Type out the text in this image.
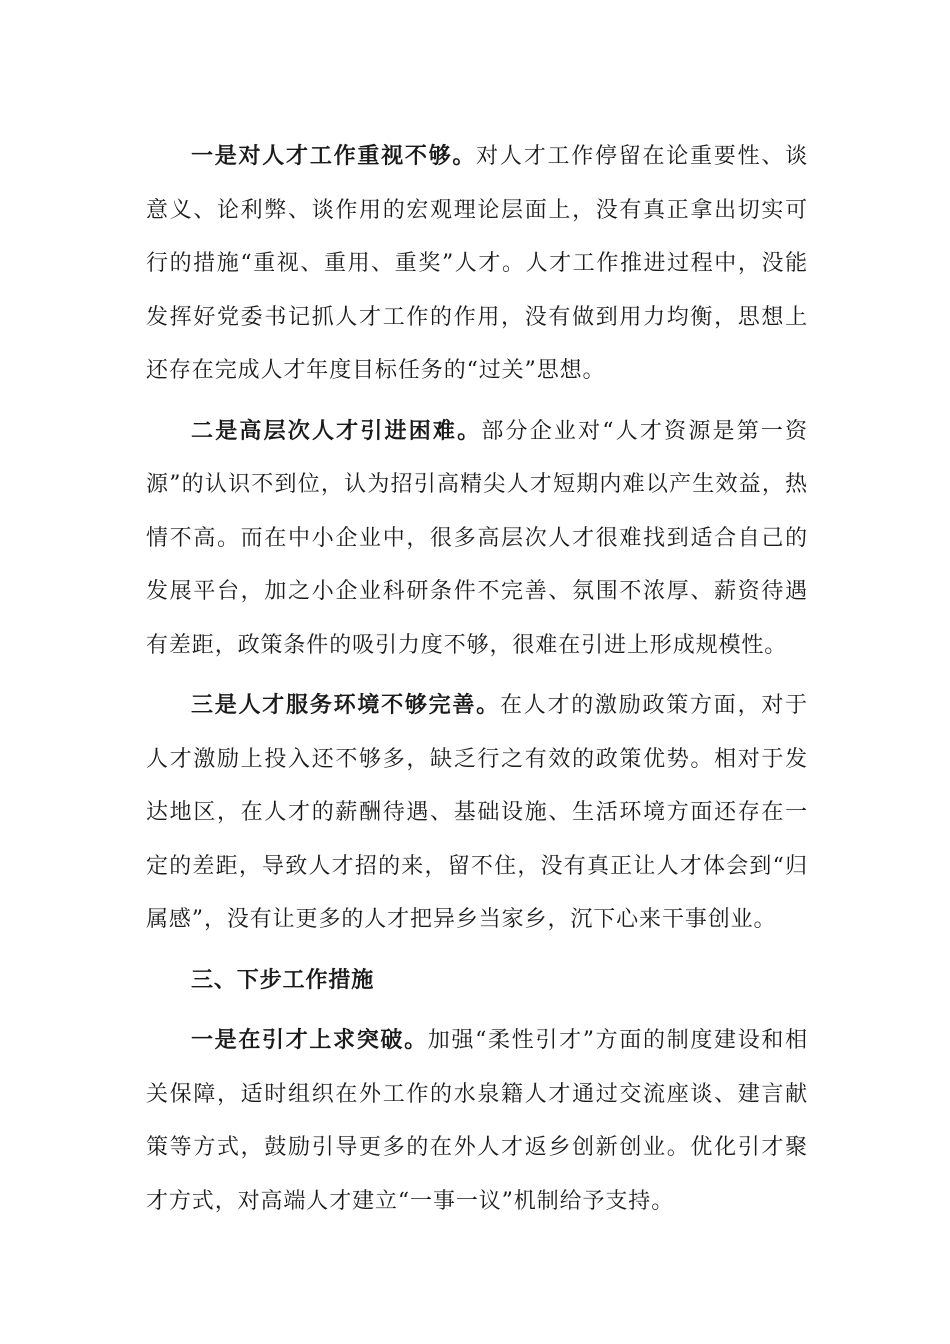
一是对人才工作重视不够。对人才工作停留在论重要性、谈意义、论利弊、谈作用的宏观理论层面上，没有真正拿出切实可行的措施“重视、重用、重奖”人才。人才工作推进过程中，没能发挥好党委书记抓人才工作的作用，没有做到用力均衡，思想上还存在完成人才年度目标任务的“过关”思想。

二是高层次人才引进困难。部分企业对“人才资源是第一资源”的认识不到位，认为招引高精尖人才短期内难以产生效益，热情不高。而在中小企业中，很多高层次人才很难找到适合自己的发展平台，加之小企业科研条件不完善、氛围不浓厚、薪资待遇有差距，政策条件的吸引力度不够，很难在引进上形成规模性。

三是人才服务环境不够完善。在人才的激励政策方面，对于人才激励上投入还不够多，缺乏行之有效的政策优势。相对于发达地区，在人才的薪酬待遇、基础设施、生活环境方面还存在一定的差距，导致人才招的来，留不住，没有真正让人才体会到“归属感”，没有让更多的人才把异乡当家乡，沉下心来干事创业。

三、下步工作措施

一是在引才上求突破。加强“柔性引才”方面的制度建设和相关保障，适时组织在外工作的水泉籍人才通过交流座谈、建言献策等方式，鼓励引导更多的在外人才返乡创新创业。优化引才聚才方式，对高端人才建立“一事一议”机制给予支持。
